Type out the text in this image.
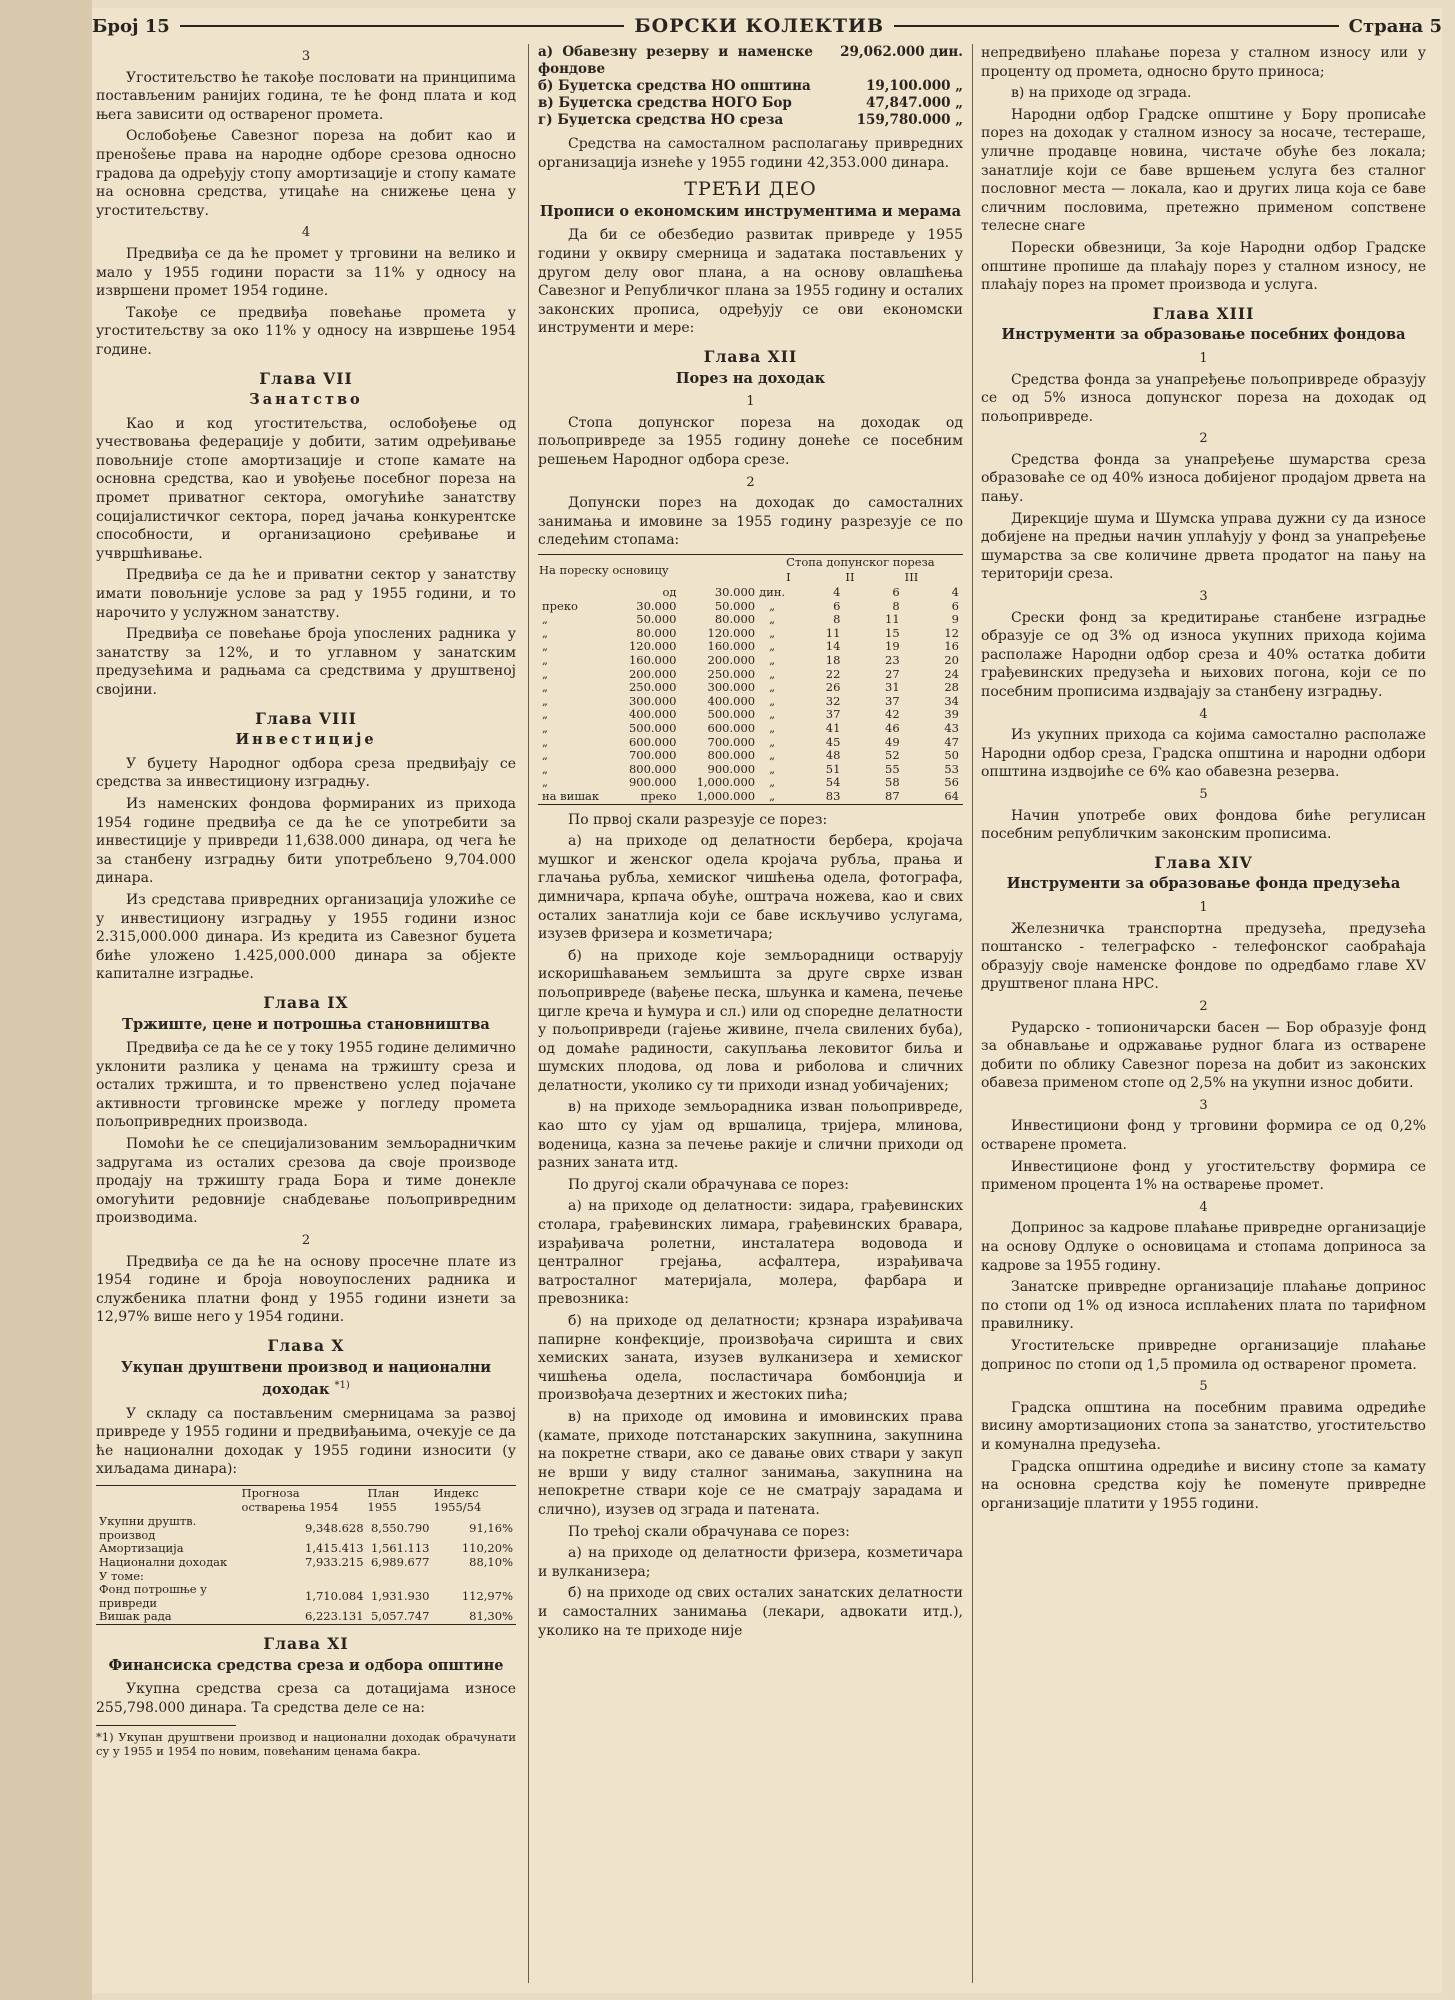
Број 15	БОРСКИ КОЛЕКТИВ	Страна 5

3

Угоститељство ће такође пословати на принципима постављеним ранијих година, те ће фонд плата и код њега зависити од оствареног промета.

Ослобођење Савезног пореза на добит као и пренošење права на народне одборе срезова односно градова да одређују стопу амортизације и стопу камате на основна средства, утицаће на снижење цена у угоститељству.

4

Предвиђа се да ће промет у трговини на велико и мало у 1955 години порасти за 11% у односу на извршени промет 1954 године.

Такође се предвиђа повећање промета у угоститељству за око 11% у односу на извршење 1954 године.

Глава VII
Занатство

Као и код угоститељства, ослобођење од учествовања федерације у добити, затим одређивање повољније стопе амортизације и стопе камате на основна средства, као и увођење посебног пореза на промет приватног сектора, омогућиће занатству социјалистичког сектора, поред јачања конкурентске способности, и организационо сређивање и учвршћивање.

Предвиђа се да ће и приватни сектор у занатству имати повољније услове за рад у 1955 години, и то нарочито у услужном занатству.

Предвиђа се повећање броја упослених радника у занатству за 12%, и то углавном у занатским предузећима и радњама са средствима у друштвеној својини.

Глава VIII
Инвестиције

У буџету Народног одбора среза предвиђају се средства за инвестициону изградњу.

Из наменских фондова формираних из прихода 1954 године предвиђа се да ће се употребити за инвестиције у привреди 11,638.000 динара, од чега ће за станбену изградњу бити употребљено 9,704.000 динара.

Из средстава привредних организација уложиће се у инвестициону изградњу у 1955 години износ 2.315,000.000 динара. Из кредита из Савезног буџета биће уложено 1.425,000.000 динара за објекте капиталне изградње.

Глава IX
Тржиште, цене и потрошња становништва

Предвиђа се да ће се у току 1955 године делимично уклонити разлика у ценама на тржишту среза и осталих тржишта, и то првенствено услед појачане активности трговинске мреже у погледу промета пољопривредних производа.

Помоћи ће се специјализованим земљорадничким задругама из осталих срезова да своје производе продају на тржишту града Бора и тиме донекле омогућити редовније снабдевање пољопривредним производима.

2

Предвиђа се да ће на основу просечне плате из 1954 године и броја новоупослених радника и службеника платни фонд у 1955 години изнети за 12,97% више него у 1954 години.

Глава X
Укупан друштвени производ и национални доходак $^{*1)}$

У складу са постављеним смерницама за развој привреде у 1955 години и предвиђањима, очекује се да ће национални доходак у 1955 години износити (у хиљадама динара):

	Прогноза остварења 1954	План 1955	Индекс 1955/54
Укупни друштв. производ	9,348.628	8,550.790	91,16%
Амортизација	1,415.413	1,561.113	110,20%
Национални доходак	7,933.215	6,989.677	88,10%
У томе:			
Фонд потрошње у привреди	1,710.084	1,931.930	112,97%
Вишак рада	6,223.131	5,057.747	81,30%
Глава XI
Финансиска средства среза и одбора општине

Укупна средства среза са дотацијама износе 255,798.000 динара. Та средства деле се на:

*1) Укупан друштвени производ и национални доходак обрачунати су у 1955 и 1954 по новим, повећаним ценама бакра.

а) Обавезну резерву и наменске фондове
29,062.000 дин.
б) Буџетска средства НО општина	19,100.000 „
в) Буџетска средства НОГО Бор	47,847.000 „
г) Буџетска средства НО среза	159,780.000 „

Средства на самосталном располагању привредних организација изнеће у 1955 години 42,353.000 динара.

ТРЕЋИ ДЕО
Прописи о економским инструментима и мерама

Да би се обезбедио развитак привреде у 1955 години у оквиру смерница и задатака постављених у другом делу овог плана, а на основу овлашћења Савезног и Републичког плана за 1955 годину и осталих законских прописа, одређују се ови економски инструменти и мере:

Глава XII
Порез на доходак

1

Стопа допунског пореза на доходак од пољопривреде за 1955 годину донеће се посебним решењем Народног одбора срезе.

2

Допунски порез на доходак до самосталних занимања и имовине за 1955 годину разрезује се по следећим стопама:

На пореску основицу				Стопа допунског пореза		
				I	II	III
	од	30.000	дин.	4	6	4
преко	30.000	50.000	„	6	8	6
„	50.000	80.000	„	8	11	9
„	80.000	120.000	„	11	15	12
„	120.000	160.000	„	14	19	16
„	160.000	200.000	„	18	23	20
„	200.000	250.000	„	22	27	24
„	250.000	300.000	„	26	31	28
„	300.000	400.000	„	32	37	34
„	400.000	500.000	„	37	42	39
„	500.000	600.000	„	41	46	43
„	600.000	700.000	„	45	49	47
„	700.000	800.000	„	48	52	50
„	800.000	900.000	„	51	55	53
„	900.000	1,000.000	„	54	58	56
на вишак	преко	1,000.000	„	83	87	64

По првој скали разрезује се порез:

а) на приходе од делатности бербера, кројача мушког и женског одела кројача рубља, прања и глачања рубља, хемиског чишћења одела, фотографа, димничара, крпача обуће, оштрача ножева, као и свих осталих занатлија који се баве искључиво услугама, изузев фризера и козметичара;

б) на приходе које земљорадници остварују искоришћавањем земљишта за друге сврхе изван пољопривреде (вађење песка, шљунка и камена, печење цигле креча и ћумура и сл.) или од споредне делатности у пољопривреди (гајење живине, пчела свилених буба), од домаће радиности, сакупљања лековитог биља и шумских плодова, од лова и риболова и сличних делатности, уколико су ти приходи изнад уобичајених;

в) на приходе земљорадника изван пољопривреде, као што су ујам од вршалица, тријера, млинова, воденица, казна за печење ракије и слични приходи од разних заната итд.

По другој скали обрачунава се порез:

а) на приходе од делатности: зидара, грађевинских столара, грађевинских лимара, грађевинских бравара, израђивача ролетни, инсталатера водовода и централног грејања, асфалтера, израђивача ватросталног материјала, молера, фарбара и превозника:

б) на приходе од делатности; крзнара израђивача папирне конфекције, произвођача сиришта и свих хемиских заната, изузев вулканизера и хемиског чишћења одела, посластичара бомбонџија и произвођача дезертних и жестоких пића;

в) на приходе од имовина и имовинских права (камате, приходе потстанарских закупнина, закупнина на покретне ствари, ако се давање ових ствари у закуп не врши у виду сталног занимања, закупнина на непокретне ствари које се не сматрају зарадама и слично), изузев од зграда и патената.

По трећој скали обрачунава се порез:

а) на приходе од делатности фризера, козметичара и вулканизера;

б) на приходе од свих осталих занатских делатности и самосталних занимања (лекари, адвокати итд.), уколико на те приходе није

непредвиђено плаћање пореза у сталном износу или у проценту од промета, односно бруто приноса;

в) на приходе од зграда.

Народни одбор Градске општине у Бору прописаће порез на доходак у сталном износу за носаче, тестераше, уличне продавце новина, чистаче обуће без локала; занатлије који се баве вршењем услуга без сталног пословног места — локала, као и других лица која се баве сличним пословима, претежно применом сопствене телесне снаге

Порески обвезници, За које Народни одбор Градске општине пропише да плаћају порез у сталном износу, не плаћају порез на промет производа и услуга.

Глава XIII
Инструменти за образовање посебних фондова

1

Средства фонда за унапређење пољопривреде образују се од 5% износа допунског пореза на доходак од пољопривреде.

2

Средства фонда за унапређење шумарства среза образоваће се од 40% износа добијеног продајом дрвета на пању.

Дирекције шума и Шумска управа дужни су да износе добијене на предњи начин уплаћују у фонд за унапређење шумарства за све количине дрвета продатог на пању на територији среза.

3

Срески фонд за кредитирање станбене изградње образује се од 3% од износа укупних прихода којима располаже Народни одбор среза и 40% остатка добити грађевинских предузећа и њихових погона, који се по посебним прописима издвајају за станбену изградњу.

4

Из укупних прихода са којима самостално располаже Народни одбор среза, Градска општина и народни одбори општина издвојиће се 6% као обавезна резерва.

5

Начин употребе ових фондова биће регулисан посебним републичким законским прописима.

Глава XIV
Инструменти за образовање фонда предузећа

1

Железничка транспортна предузећа, предузећа поштанско - телеграфско - телефонског саобраћаја образују своје наменске фондове по одредбамо главе XV друштвеног плана НРС.

2

Рударско - топионичарски басен — Бор образује фонд за обнављање и одржавање рудног блага из остварене добити по облику Савезног пореза на добит из законских обавеза применом стопе од 2,5% на укупни износ добити.

3

Инвестициони фонд у трговини формира се од 0,2% остварене промета.

Инвестиционе фонд у угоститељству формира се применом процента 1% на остварење промет.

4

Допринос за кадрове плаћање привредне организације на основу Одлуке о основицама и стопама доприноса за кадрове за 1955 годину.

Занатске привредне организације плаћање допринос по стопи од 1% од износа исплаћених плата по тарифном правилнику.

Угоститељске привредне организације плаћање допринос по стопи од 1,5 промила од оствареног промета.

5

Градска општина на посебним правима одредиће висину амортизационих стопа за занатство, угоститељство и комунална предузећа.

Градска општина одредиће и висину стопе за камату на основна средства коју ће поменуте привредне организације платити у 1955 години.
